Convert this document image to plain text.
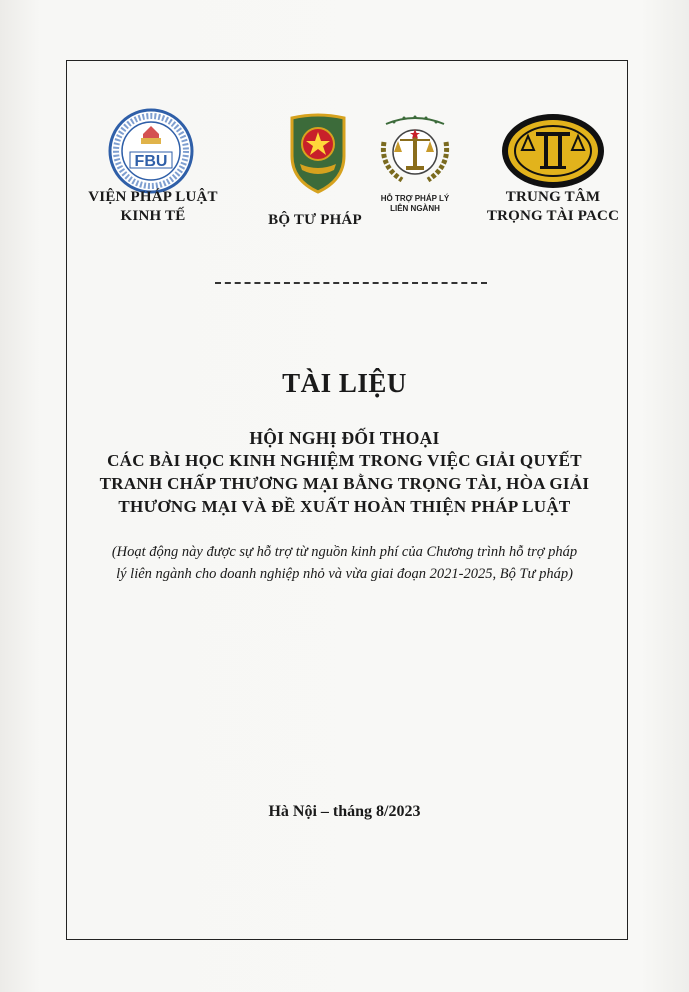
FBU
VIỆN PHÁP LUẬT
KINH TẾ	BỘ TƯ PHÁP
HỖ TRỢ PHÁP LÝ
LIÊN NGÀNH
TRUNG TÂM
TRỌNG TÀI PACC
TÀI LIỆU
HỘI NGHỊ ĐỐI THOẠI
CÁC BÀI HỌC KINH NGHIỆM TRONG VIỆC GIẢI QUYẾT
TRANH CHẤP THƯƠNG MẠI BẰNG TRỌNG TÀI, HÒA GIẢI
THƯƠNG MẠI VÀ ĐỀ XUẤT HOÀN THIỆN PHÁP LUẬT
(Hoạt động này được sự hỗ trợ từ nguồn kinh phí của Chương trình hỗ trợ pháp
lý liên ngành cho doanh nghiệp nhỏ và vừa giai đoạn 2021-2025, Bộ Tư pháp)
Hà Nội – tháng 8/2023
